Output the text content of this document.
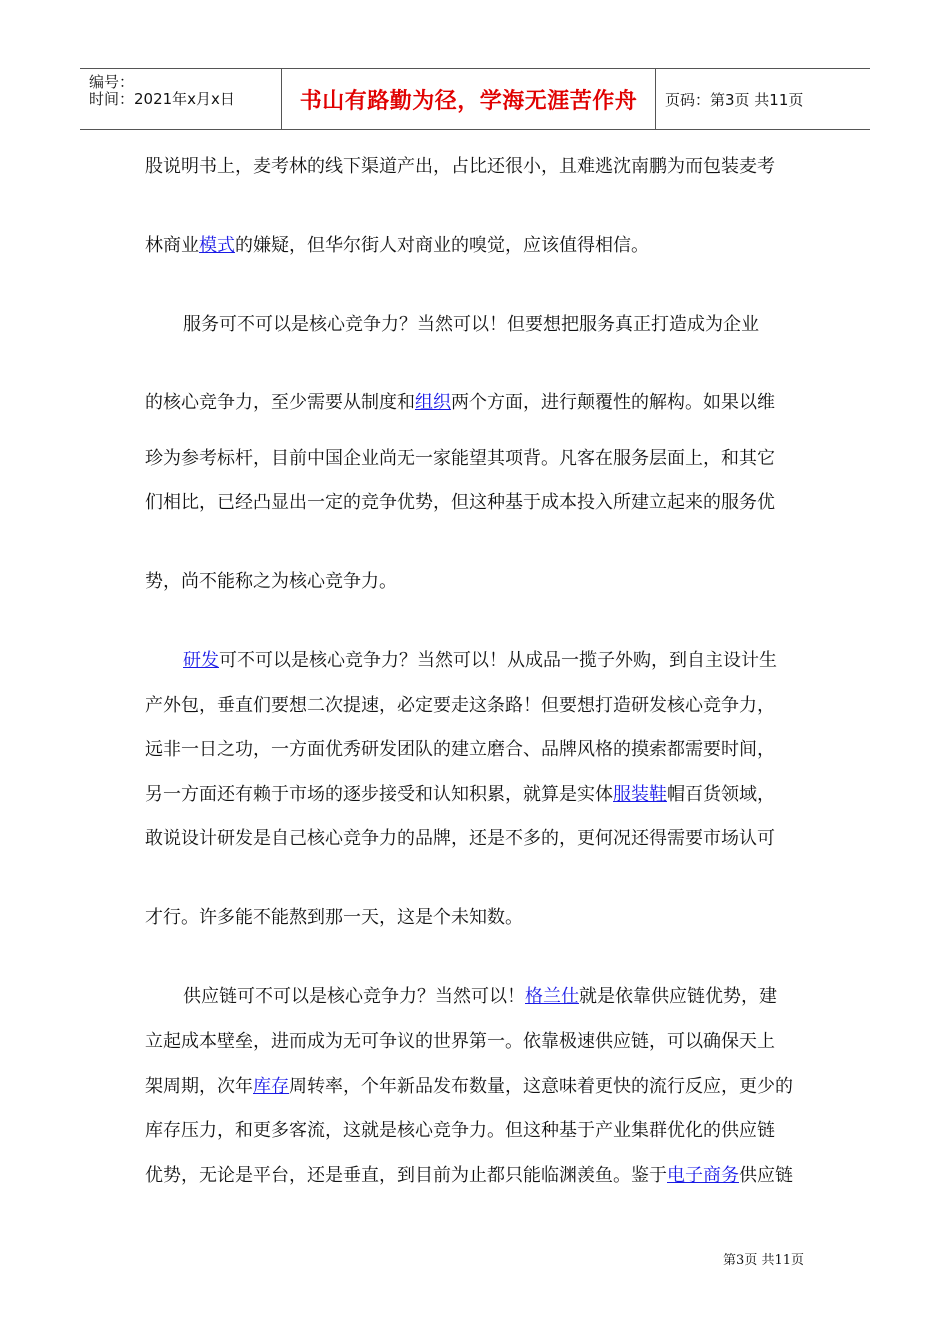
编号：
时间：2021年x月x日	书山有路勤为径，学海无涯苦作舟 页码：第3页 共11页
股说明书上，麦考林的线下渠道产出，占比还很小，且难逃沈南鹏为而包装麦考
林商业模式的嫌疑，但华尔街人对商业的嗅觉，应该值得相信。
服务可不可以是核心竞争力？当然可以！但要想把服务真正打造成为企业
的核心竞争力，至少需要从制度和组织两个方面，进行颠覆性的解构。如果以维
珍为参考标杆，目前中国企业尚无一家能望其项背。凡客在服务层面上，和其它
们相比，已经凸显出一定的竞争优势，但这种基于成本投入所建立起来的服务优
势，尚不能称之为核心竞争力。
研发可不可以是核心竞争力？当然可以！从成品一揽子外购，到自主设计生
产外包，垂直们要想二次提速，必定要走这条路！但要想打造研发核心竞争力，
远非一日之功，一方面优秀研发团队的建立磨合、品牌风格的摸索都需要时间，
另一方面还有赖于市场的逐步接受和认知积累，就算是实体服装鞋帽百货领域，
敢说设计研发是自己核心竞争力的品牌，还是不多的，更何况还得需要市场认可
才行。许多能不能熬到那一天，这是个未知数。
供应链可不可以是核心竞争力？当然可以！格兰仕就是依靠供应链优势，建
立起成本壁垒，进而成为无可争议的世界第一。依靠极速供应链，可以确保天上
架周期，次年库存周转率，个年新品发布数量，这意味着更快的流行反应，更少的
库存压力，和更多客流，这就是核心竞争力。但这种基于产业集群优化的供应链
优势，无论是平台，还是垂直，到目前为止都只能临渊羡鱼。鉴于电子商务供应链
第3页 共11页
